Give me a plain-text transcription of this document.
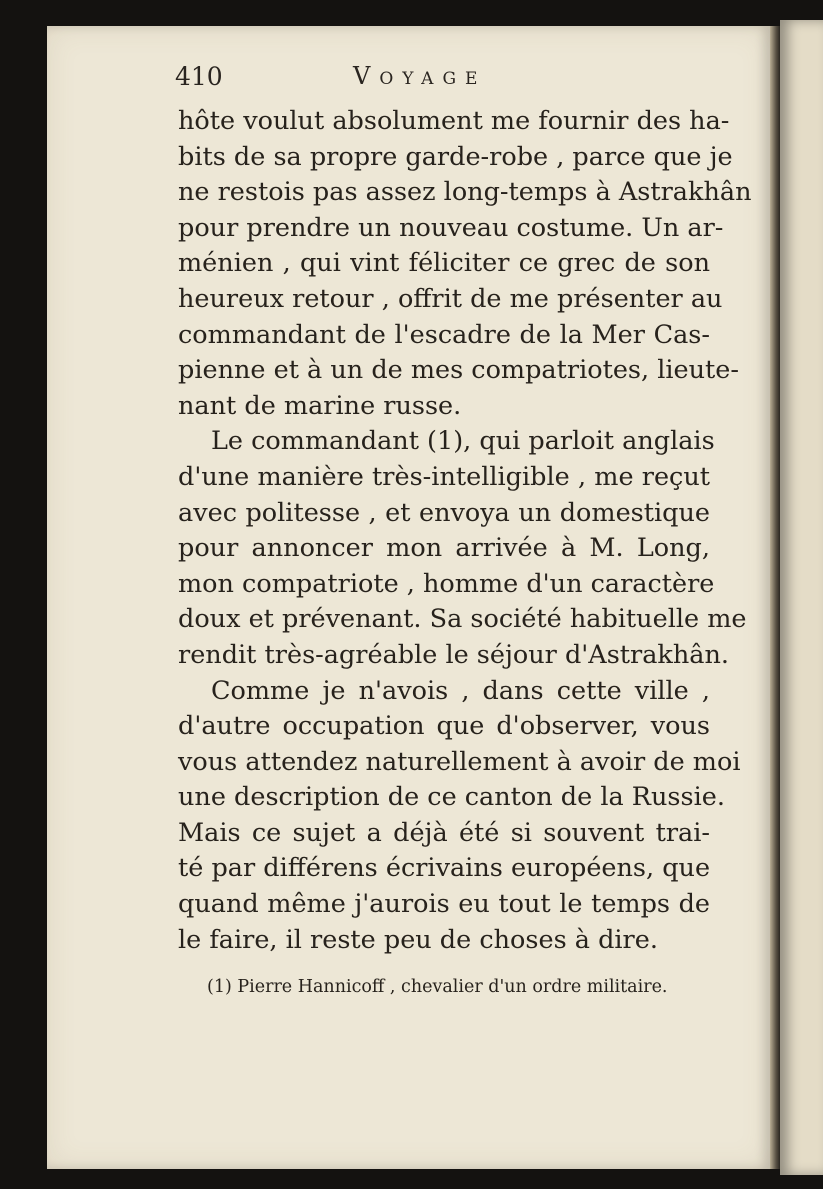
410	Voyage
hôte voulut absolument me fournir des ha-
bits de sa propre garde-robe , parce que je
ne restois pas assez long-temps à Astrakhân
pour prendre un nouveau costume. Un ar-
ménien , qui vint féliciter ce grec de son
heureux retour , offrit de me présenter au
commandant de l'escadre de la Mer Cas-
pienne et à un de mes compatriotes, lieute-
nant de marine russe.
Le commandant (1), qui parloit anglais
d'une manière très-intelligible , me reçut
avec politesse , et envoya un domestique
pour annoncer mon arrivée à M. Long,
mon compatriote , homme d'un caractère
doux et prévenant. Sa société habituelle me
rendit très-agréable le séjour d'Astrakhân.
Comme je n'avois , dans cette ville ,
d'autre occupation que d'observer, vous
vous attendez naturellement à avoir de moi
une description de ce canton de la Russie.
Mais ce sujet a déjà été si souvent trai-
té par différens écrivains européens, que
quand même j'aurois eu tout le temps de
le faire, il reste peu de choses à dire.
(1) Pierre Hannicoff , chevalier d'un ordre militaire.
